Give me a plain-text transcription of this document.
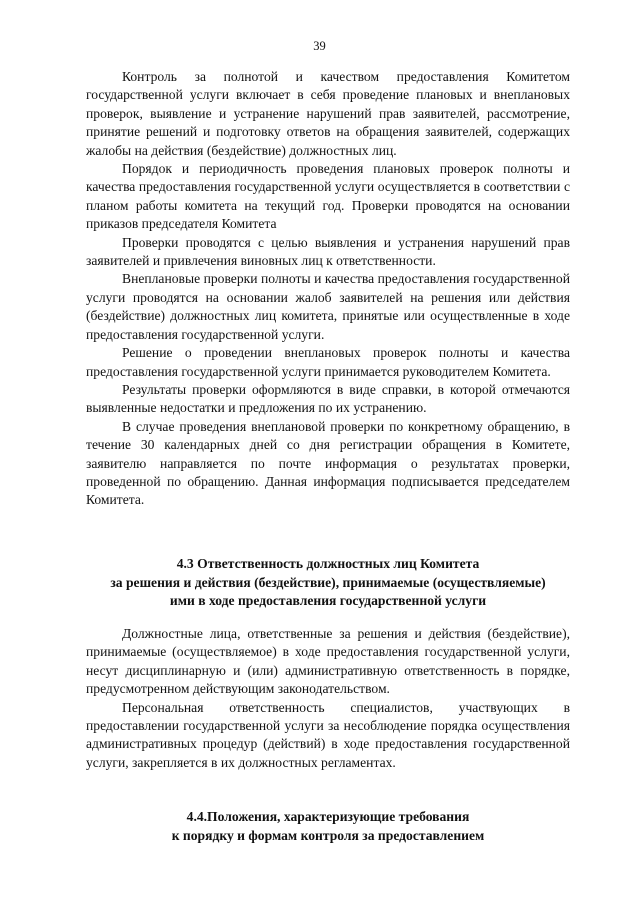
39

Контроль за полнотой и качеством предоставления Комитетом государственной услуги включает в себя проведение плановых и внеплановых проверок, выявление и устранение нарушений прав заявителей, рассмотрение, принятие решений и подготовку ответов на обращения заявителей, содержащих жалобы на действия (бездействие) должностных лиц.

Порядок и периодичность проведения плановых проверок полноты и качества предоставления государственной услуги осуществляется в соответствии с планом работы комитета на текущий год. Проверки проводятся на основании приказов председателя Комитета

Проверки проводятся с целью выявления и устранения нарушений прав заявителей и привлечения виновных лиц к ответственности.

Внеплановые проверки полноты и качества предоставления государственной услуги проводятся на основании жалоб заявителей на решения или действия (бездействие) должностных лиц комитета, принятые или осуществленные в ходе предоставления государственной услуги.

Решение о проведении внеплановых проверок полноты и качества предоставления государственной услуги принимается руководителем Комитета.

Результаты проверки оформляются в виде справки, в которой отмечаются выявленные недостатки и предложения по их устранению.

В случае проведения внеплановой проверки по конкретному обращению, в течение 30 календарных дней со дня регистрации обращения в Комитете, заявителю направляется по почте информация о результатах проверки, проведенной по обращению. Данная информация подписывается председателем Комитета.

4.3 Ответственность должностных лиц Комитета
за решения и действия (бездействие), принимаемые (осуществляемые)
ими в ходе предоставления государственной услуги

Должностные лица, ответственные за решения и действия (бездействие), принимаемые (осуществляемое) в ходе предоставления государственной услуги, несут дисциплинарную и (или) административную ответственность в порядке, предусмотренном действующим законодательством.

Персональная ответственность специалистов, участвующих в предоставлении государственной услуги за несоблюдение порядка осуществления административных процедур (действий) в ходе предоставления государственной услуги, закрепляется в их должностных регламентах.

4.4.Положения, характеризующие требования
к порядку и формам контроля за предоставлением
